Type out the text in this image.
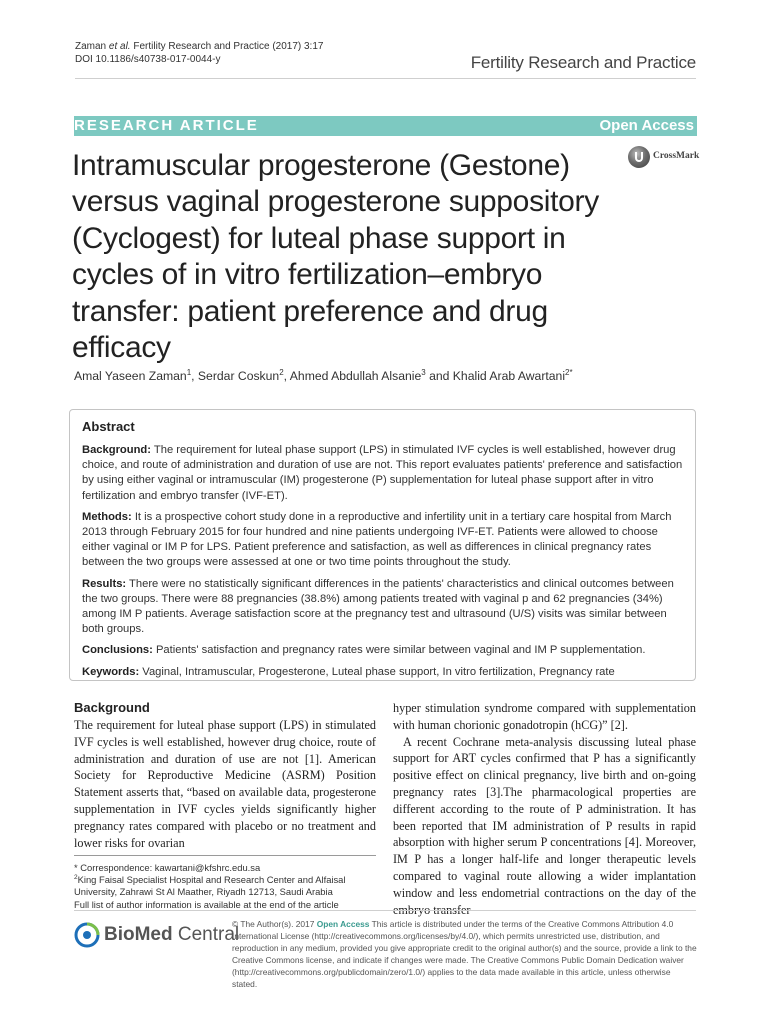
Zaman et al. Fertility Research and Practice (2017) 3:17
DOI 10.1186/s40738-017-0044-y	Fertility Research and Practice
RESEARCH ARTICLE	Open Access
Intramuscular progesterone (Gestone) versus vaginal progesterone suppository (Cyclogest) for luteal phase support in cycles of in vitro fertilization–embryo transfer: patient preference and drug efficacy
CrossMark
Amal Yaseen Zaman$^1$, Serdar Coskun$^2$, Ahmed Abdullah Alsanie$^3$ and Khalid Arab Awartani$^{2*}$
Abstract

Background: The requirement for luteal phase support (LPS) in stimulated IVF cycles is well established, however drug choice, and route of administration and duration of use are not. This report evaluates patients' preference and satisfaction by using either vaginal or intramuscular (IM) progesterone (P) supplementation for luteal phase support after in vitro fertilization and embryo transfer (IVF-ET).

Methods: It is a prospective cohort study done in a reproductive and infertility unit in a tertiary care hospital from March 2013 through February 2015 for four hundred and nine patients undergoing IVF-ET. Patients were allowed to choose either vaginal or IM P for LPS. Patient preference and satisfaction, as well as differences in clinical pregnancy rates between the two groups were assessed at one or two time points throughout the study.

Results: There were no statistically significant differences in the patients' characteristics and clinical outcomes between the two groups. There were 88 pregnancies (38.8%) among patients treated with vaginal p and 62 pregnancies (34%) among IM P patients. Average satisfaction score at the pregnancy test and ultrasound (U/S) visits was similar between both groups.

Conclusions: Patients' satisfaction and pregnancy rates were similar between vaginal and IM P supplementation.

Keywords: Vaginal, Intramuscular, Progesterone, Luteal phase support, In vitro fertilization, Pregnancy rate

Background

The requirement for luteal phase support (LPS) in stimulated IVF cycles is well established, however drug choice, route of administration and duration of use are not [1]. American Society for Reproductive Medicine (ASRM) Position Statement asserts that, “based on available data, progesterone supplementation in IVF cycles yields significantly higher pregnancy rates compared with placebo or no treatment and lower risks for ovarian

hyper stimulation syndrome compared with supplementation with human chorionic gonadotropin (hCG)” [2].

A recent Cochrane meta-analysis discussing luteal phase support for ART cycles confirmed that P has a significantly positive effect on clinical pregnancy, live birth and on-going pregnancy rates [3].The pharmacological properties are different according to the route of P administration. It has been reported that IM administration of P results in rapid absorption with higher serum P concentrations [4]. Moreover, IM P has a longer half-life and longer therapeutic levels compared to vaginal route allowing a wider implantation window and less endometrial contractions on the day of the embryo transfer

* Correspondence: kawartani@kfshrc.edu.sa
$^2$King Faisal Specialist Hospital and Research Center and Alfaisal University, Zahrawi St Al Maather, Riyadh 12713, Saudi Arabia
Full list of author information is available at the end of the article
BioMed Central
© The Author(s). 2017 Open Access This article is distributed under the terms of the Creative Commons Attribution 4.0 International License (http://creativecommons.org/licenses/by/4.0/), which permits unrestricted use, distribution, and reproduction in any medium, provided you give appropriate credit to the original author(s) and the source, provide a link to the Creative Commons license, and indicate if changes were made. The Creative Commons Public Domain Dedication waiver (http://creativecommons.org/publicdomain/zero/1.0/) applies to the data made available in this article, unless otherwise stated.
